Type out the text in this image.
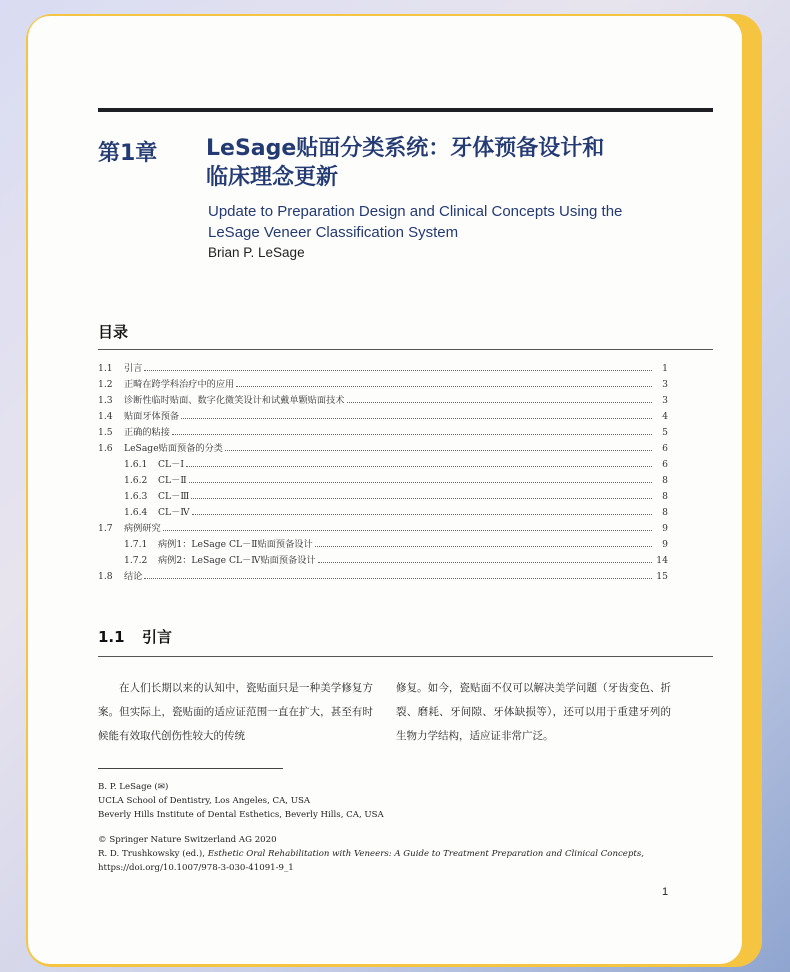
第1章 LeSage贴面分类系统：牙体预备设计和
临床理念更新
Update to Preparation Design and Clinical Concepts Using the
LeSage Veneer Classification System
Brian P. LeSage
目录
1.1	引言	1
1.2	正畸在跨学科治疗中的应用	3
1.3	诊断性临时贴面、数字化微笑设计和试戴单颗贴面技术	3
1.4	贴面牙体预备	4
1.5	正确的粘接	5
1.6	LeSage贴面预备的分类	6
1.6.1	CL－Ⅰ	6
1.6.2	CL－Ⅱ	8
1.6.3	CL－Ⅲ	8
1.6.4	CL－Ⅳ	8
1.7	病例研究	9
1.7.1	病例1：LeSage CL－Ⅱ贴面预备设计	9
1.7.2	病例2：LeSage CL－Ⅳ贴面预备设计	14
1.8	结论	15
1.1 引言
在人们长期以来的认知中，瓷贴面只是一种美学修复方案。但实际上，瓷贴面的适应证范围一直在扩大，甚至有时候能有效取代创伤性较大的传统
修复。如今，瓷贴面不仅可以解决美学问题（牙齿变色、折裂、磨耗、牙间隙、牙体缺损等），还可以用于重建牙列的生物力学结构，适应证非常广泛。
B. P. LeSage (✉)
UCLA School of Dentistry, Los Angeles, CA, USA
Beverly Hills Institute of Dental Esthetics, Beverly Hills, CA, USA
© Springer Nature Switzerland AG 2020
R. D. Trushkowsky (ed.), Esthetic Oral Rehabilitation with Veneers: A Guide to Treatment Preparation and Clinical Concepts,
https://doi.org/10.1007/978-3-030-41091-9_1
1
